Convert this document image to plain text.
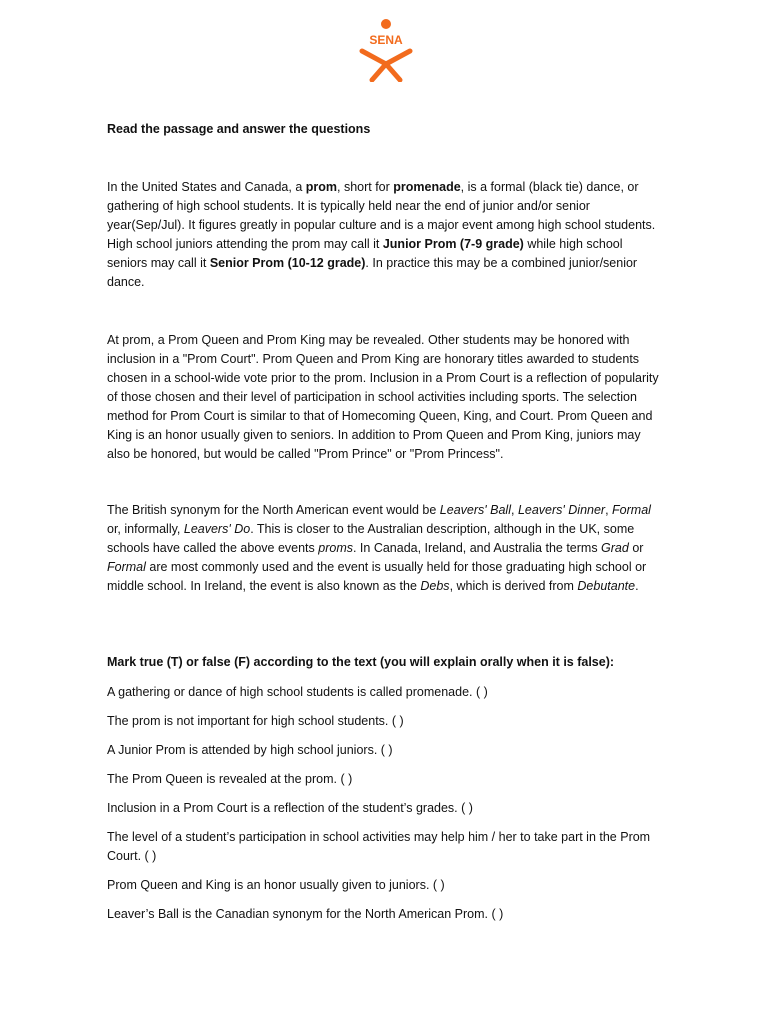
SENA
Read the passage and answer the questions

In the United States and Canada, a prom, short for promenade, is a formal (black tie) dance, or gathering of high school students. It is typically held near the end of junior and/or senior year(Sep/Jul). It figures greatly in popular culture and is a major event among high school students. High school juniors attending the prom may call it Junior Prom (7-9 grade) while high school seniors may call it Senior Prom (10-12 grade). In practice this may be a combined junior/senior dance.

At prom, a Prom Queen and Prom King may be revealed. Other students may be honored with inclusion in a "Prom Court". Prom Queen and Prom King are honorary titles awarded to students chosen in a school-wide vote prior to the prom. Inclusion in a Prom Court is a reflection of popularity of those chosen and their level of participation in school activities including sports. The selection method for Prom Court is similar to that of Homecoming Queen, King, and Court. Prom Queen and King is an honor usually given to seniors. In addition to Prom Queen and Prom King, juniors may also be honored, but would be called "Prom Prince" or "Prom Princess".

The British synonym for the North American event would be Leavers' Ball, Leavers' Dinner, Formal or, informally, Leavers' Do. This is closer to the Australian description, although in the UK, some schools have called the above events proms. In Canada, Ireland, and Australia the terms Grad or Formal are most commonly used and the event is usually held for those graduating high school or middle school. In Ireland, the event is also known as the Debs, which is derived from Debutante.

Mark true (T) or false (F) according to the text (you will explain orally when it is false):
A gathering or dance of high school students is called promenade. ( )
The prom is not important for high school students. ( )
A Junior Prom is attended by high school juniors. ( )
The Prom Queen is revealed at the prom. ( )
Inclusion in a Prom Court is a reflection of the student’s grades. ( )
The level of a student’s participation in school activities may help him / her to take part in the Prom Court. ( )
Prom Queen and King is an honor usually given to juniors. ( )
Leaver’s Ball is the Canadian synonym for the North American Prom. ( )
